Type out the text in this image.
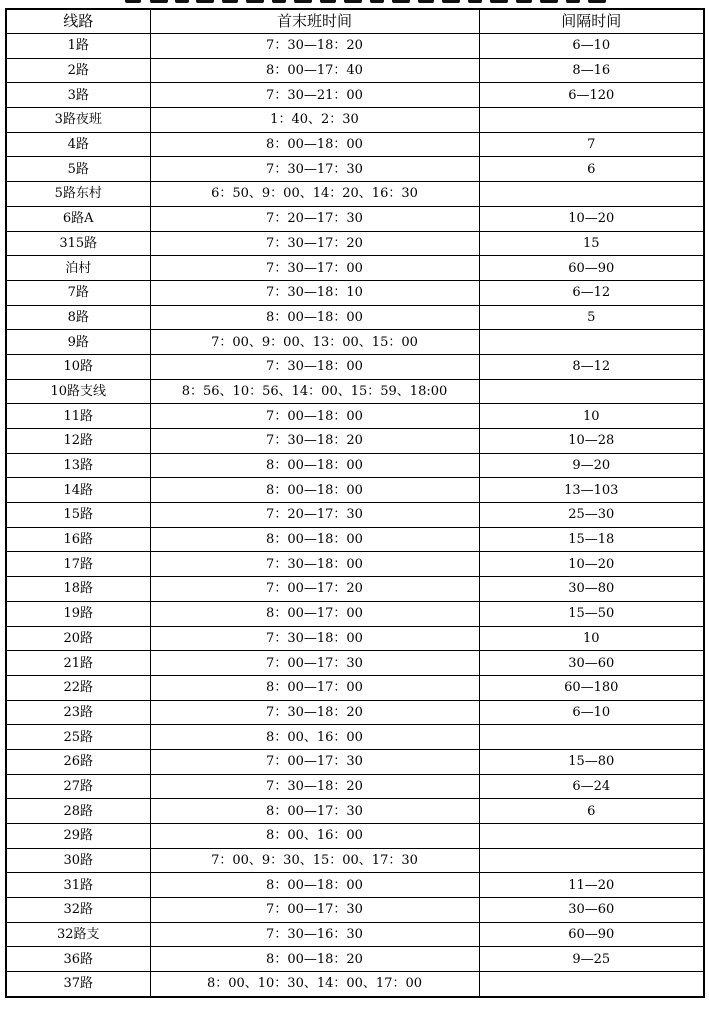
线路	首末班时间	间隔时间
1路	7：30—18：20	6—10
2路	8：00—17：40	8—16
3路	7：30—21：00	6—120
3路夜班	1：40、2：30	
4路	8：00—18：00	7
5路	7：30—17：30	6
5路东村	6：50、9：00、14：20、16：30	
6路A	7：20—17：30	10—20
315路	7：30—17：20	15
泊村	7：30—17：00	60—90
7路	7：30—18：10	6—12
8路	8：00—18：00	5
9路	7：00、9：00、13：00、15：00	
10路	7：30—18：00	8—12
10路支线	8：56、10：56、14：00、15：59、18:00	
11路	7：00—18：00	10
12路	7：30—18：20	10—28
13路	8：00—18：00	9—20
14路	8：00—18：00	13—103
15路	7：20—17：30	25—30
16路	8：00—18：00	15—18
17路	7：30—18：00	10—20
18路	7：00—17：20	30—80
19路	8：00—17：00	15—50
20路	7：30—18：00	10
21路	7：00—17：30	30—60
22路	8：00—17：00	60—180
23路	7：30—18：20	6—10
25路	8：00、16：00	
26路	7：00—17：30	15—80
27路	7：30—18：20	6—24
28路	8：00—17：30	6
29路	8：00、16：00	
30路	7：00、9：30、15：00、17：30	
31路	8：00—18：00	11—20
32路	7：00—17：30	30—60
32路支	7：30—16：30	60—90
36路	8：00—18：20	9—25
37路	8：00、10：30、14：00、17：00	
